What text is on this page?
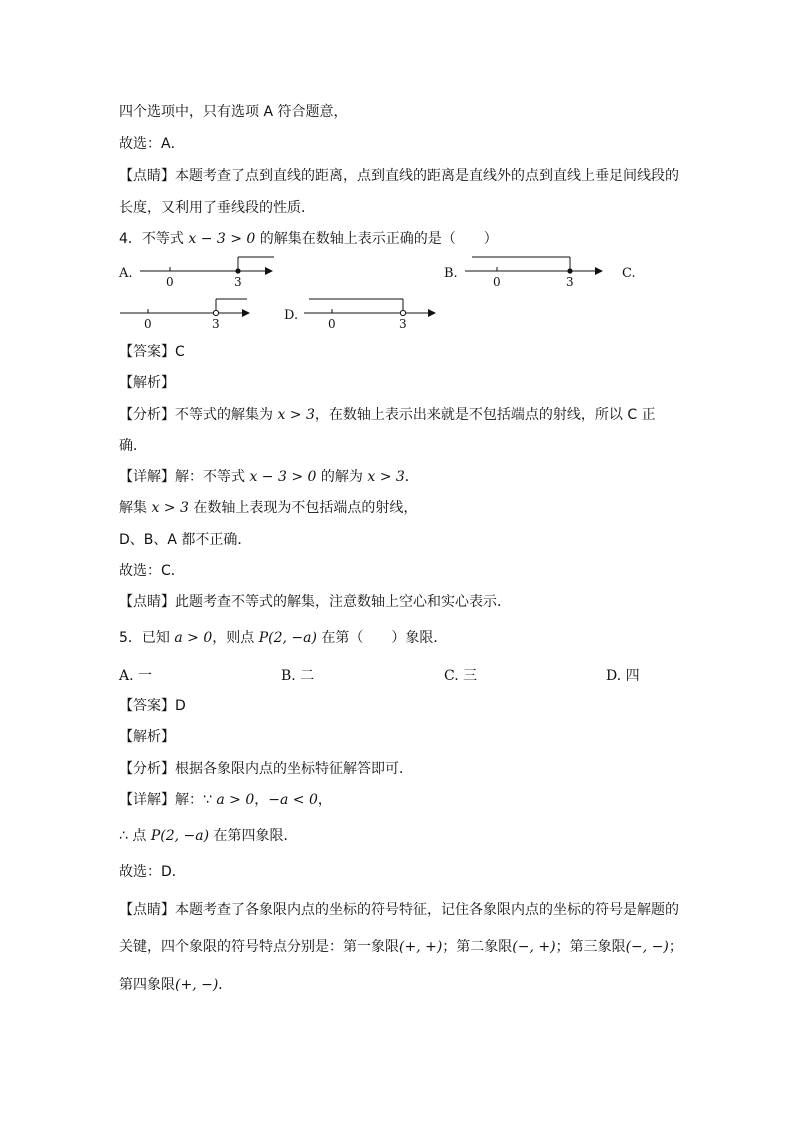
四个选项中，只有选项 A 符合题意，
故选：A．
【点睛】本题考查了点到直线的距离，点到直线的距离是直线外的点到直线上垂足间线段的
长度，又利用了垂线段的性质．
4．不等式 x − 3 > 0 的解集在数轴上表示正确的是（　　）
A.
0	3
B.
0	3
C.
0	3
D.
0	3
【答案】C
【解析】
【分析】不等式的解集为 x > 3，在数轴上表示出来就是不包括端点的射线，所以 C 正
确．
【详解】解：不等式 x − 3 > 0 的解为 x > 3．
解集 x > 3 在数轴上表现为不包括端点的射线，
D、B、A 都不正确．
故选：C．
【点睛】此题考查不等式的解集，注意数轴上空心和实心表示．
5．已知 a > 0，则点 P(2, −a) 在第（　　）象限．
A. 一	B. 二	C. 三	D. 四
【答案】D
【解析】
【分析】根据各象限内点的坐标特征解答即可．
【详解】解：∵ a > 0，−a < 0，
∴ 点 P(2, −a) 在第四象限．
故选：D．
【点睛】本题考查了各象限内点的坐标的符号特征，记住各象限内点的坐标的符号是解题的
关键，四个象限的符号特点分别是：第一象限(+, +)；第二象限(−, +)；第三象限(−, −)；
第四象限(+, −)．
